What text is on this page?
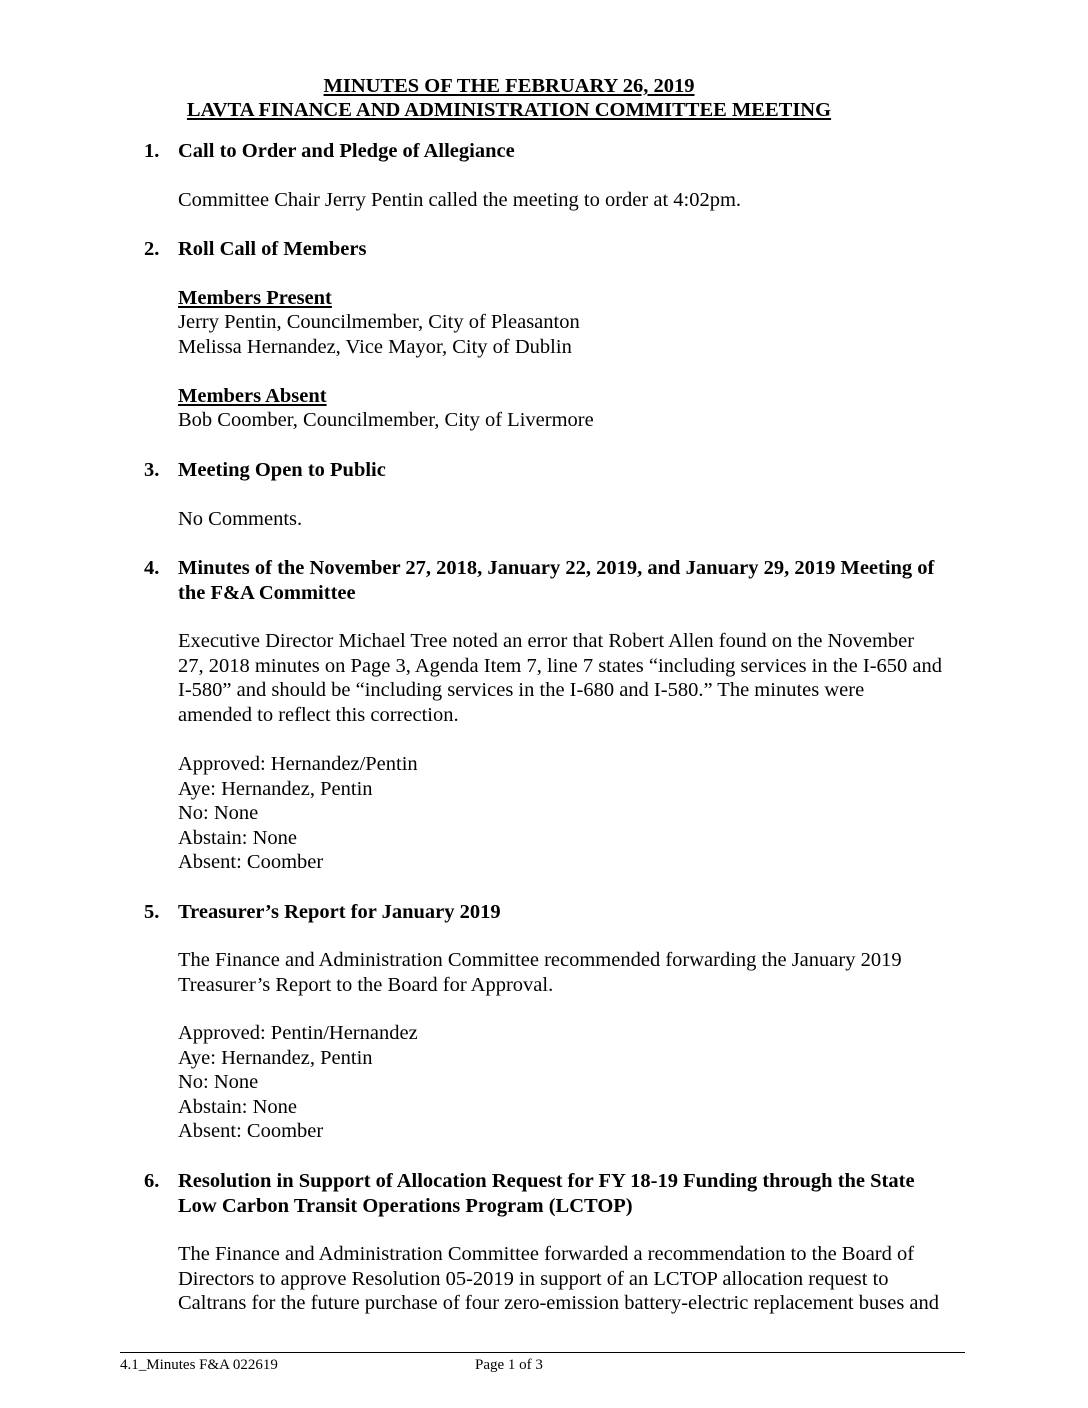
MINUTES OF THE FEBRUARY 26, 2019
LAVTA FINANCE AND ADMINISTRATION COMMITTEE MEETING
1. Call to Order and Pledge of Allegiance
Committee Chair Jerry Pentin called the meeting to order at 4:02pm.
2. Roll Call of Members
Members Present
Jerry Pentin, Councilmember, City of Pleasanton
Melissa Hernandez, Vice Mayor, City of Dublin
Members Absent
Bob Coomber, Councilmember, City of Livermore
3. Meeting Open to Public
No Comments.
4. Minutes of the November 27, 2018, January 22, 2019, and January 29, 2019 Meeting of
the F&A Committee
Executive Director Michael Tree noted an error that Robert Allen found on the November
27, 2018 minutes on Page 3, Agenda Item 7, line 7 states “including services in the I-650 and
I-580” and should be “including services in the I-680 and I-580.” The minutes were
amended to reflect this correction.
Approved: Hernandez/Pentin
Aye: Hernandez, Pentin
No: None
Abstain: None
Absent: Coomber
5. Treasurer’s Report for January 2019
The Finance and Administration Committee recommended forwarding the January 2019
Treasurer’s Report to the Board for Approval.
Approved: Pentin/Hernandez
Aye: Hernandez, Pentin
No: None
Abstain: None
Absent: Coomber
6. Resolution in Support of Allocation Request for FY 18-19 Funding through the State
Low Carbon Transit Operations Program (LCTOP)
The Finance and Administration Committee forwarded a recommendation to the Board of
Directors to approve Resolution 05-2019 in support of an LCTOP allocation request to
Caltrans for the future purchase of four zero-emission battery-electric replacement buses and
4.1_Minutes F&A 022619	Page 1 of 3
